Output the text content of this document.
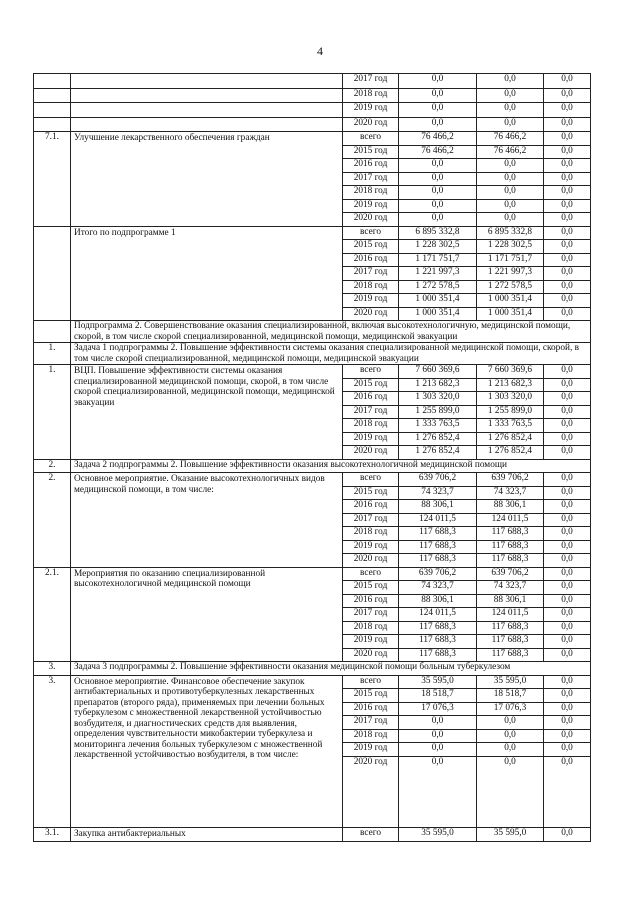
4
		2017 год	0,0	0,0	0,0
		2018 год	0,0	0,0	0,0
		2019 год	0,0	0,0	0,0
		2020 год	0,0	0,0	0,0
7.1.	Улучшение лекарственного обеспечения граждан	всего	76 466,2	76 466,2	0,0
		2015 год	76 466,2	76 466,2	0,0
		2016 год	0,0	0,0	0,0
		2017 год	0,0	0,0	0,0
		2018 год	0,0	0,0	0,0
		2019 год	0,0	0,0	0,0
		2020 год	0,0	0,0	0,0
	Итого по подпрограмме 1	всего	6 895 332,8	6 895 332,8	0,0
		2015 год	1 228 302,5	1 228 302,5	0,0
		2016 год	1 171 751,7	1 171 751,7	0,0
		2017 год	1 221 997,3	1 221 997,3	0,0
		2018 год	1 272 578,5	1 272 578,5	0,0
		2019 год	1 000 351,4	1 000 351,4	0,0
		2020 год	1 000 351,4	1 000 351,4	0,0
	Подпрограмма 2. Совершенствование оказания специализированной, включая высокотехнологичную, медицинской помощи, скорой, в том числе скорой специализированной, медицинской помощи, медицинской эвакуации				
1.	Задача 1 подпрограммы 2. Повышение эффективности системы оказания специализированной медицинской помощи, скорой, в том числе скорой специализированной, медицинской помощи, медицинской эвакуации				
1.	ВЦП. Повышение эффективности системы оказания специализированной медицинской помощи, скорой, в том числе скорой специализированной, медицинской помощи, медицинской эвакуации	всего	7 660 369,6	7 660 369,6	0,0
		2015 год	1 213 682,3	1 213 682,3	0,0
		2016 год	1 303 320,0	1 303 320,0	0,0
		2017 год	1 255 899,0	1 255 899,0	0,0
		2018 год	1 333 763,5	1 333 763,5	0,0
		2019 год	1 276 852,4	1 276 852,4	0,0
		2020 год	1 276 852,4	1 276 852,4	0,0
2.	Задача 2 подпрограммы 2. Повышение эффективности оказания высокотехнологичной медицинской помощи				
2.	Основное мероприятие. Оказание высокотехнологичных видов медицинской помощи, в том числе:	всего	639 706,2	639 706,2	0,0
		2015 год	74 323,7	74 323,7	0,0
		2016 год	88 306,1	88 306,1	0,0
		2017 год	124 011,5	124 011,5	0,0
		2018 год	117 688,3	117 688,3	0,0
		2019 год	117 688,3	117 688,3	0,0
		2020 год	117 688,3	117 688,3	0,0
2.1.	Мероприятия по оказанию специализированной высокотехнологичной медицинской помощи	всего	639 706,2	639 706,2	0,0
		2015 год	74 323,7	74 323,7	0,0
		2016 год	88 306,1	88 306,1	0,0
		2017 год	124 011,5	124 011,5	0,0
		2018 год	117 688,3	117 688,3	0,0
		2019 год	117 688,3	117 688,3	0,0
		2020 год	117 688,3	117 688,3	0,0
3.	Задача 3 подпрограммы 2. Повышение эффективности оказания медицинской помощи больным туберкулезом				
3.	Основное мероприятие. Финансовое обеспечение закупок антибактериальных и противотуберкулезных лекарственных препаратов (второго ряда), применяемых при лечении больных туберкулезом с множественной лекарственной устойчивостью возбудителя, и диагностических средств для выявления, определения чувствительности микобактерии туберкулеза и мониторинга лечения больных туберкулезом с множественной лекарственной устойчивостью возбудителя, в том числе:	всего	35 595,0	35 595,0	0,0
		2015 год	18 518,7	18 518,7	0,0
		2016 год	17 076,3	17 076,3	0,0
		2017 год	0,0	0,0	0,0
		2018 год	0,0	0,0	0,0
		2019 год	0,0	0,0	0,0
		2020 год	0,0	0,0	0,0
3.1.	Закупка антибактериальных	всего	35 595,0	35 595,0	0,0
